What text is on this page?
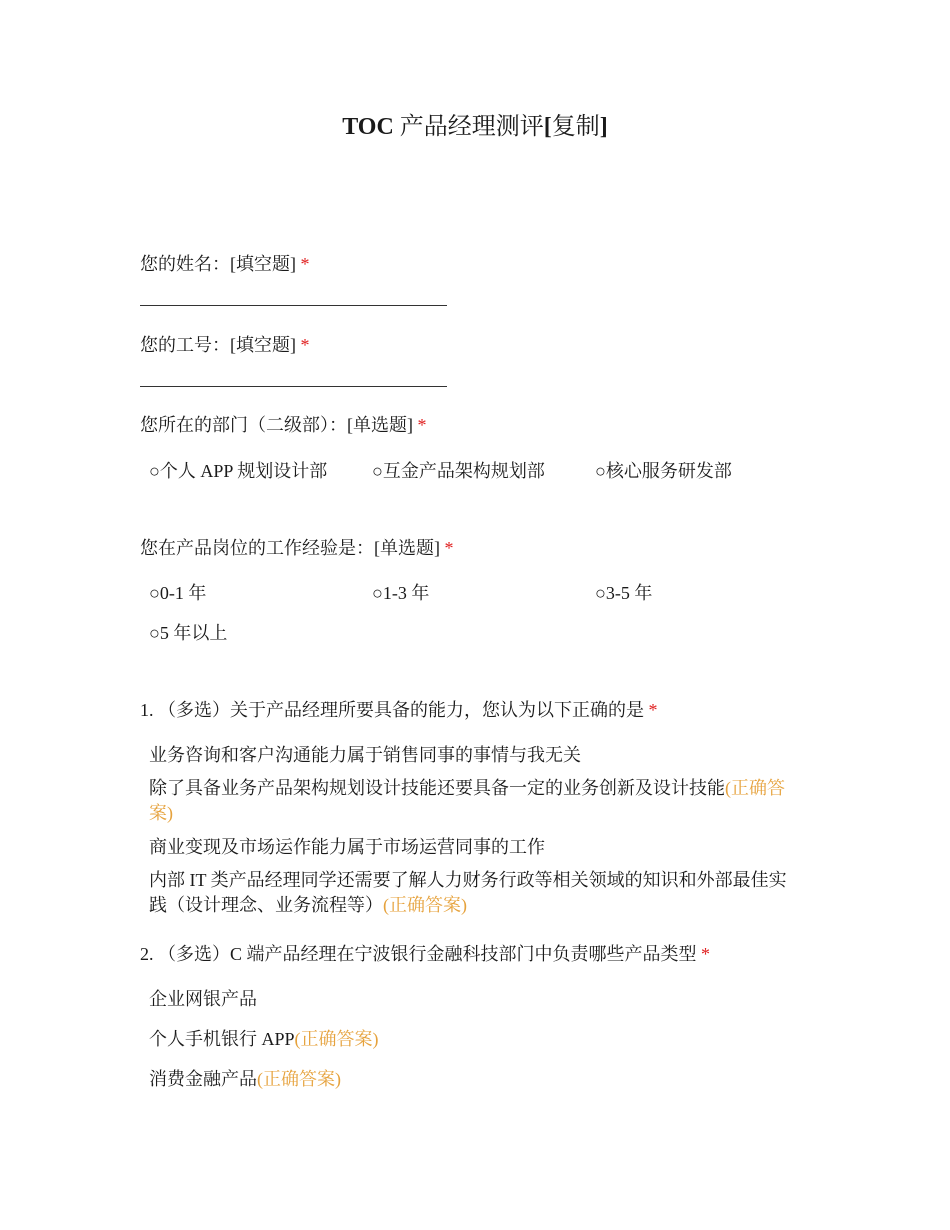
TOC 产品经理测评[复制]
您的姓名：[填空题] *
您的工号：[填空题] *
您所在的部门（二级部）：[单选题] *
○个人 APP 规划设计部 ○互金产品架构规划部	○核心服务研发部
您在产品岗位的工作经验是：[单选题] *
○0-1 年	○1-3 年	○3-5 年
○5 年以上
1. （多选）关于产品经理所要具备的能力，您认为以下正确的是 *
业务咨询和客户沟通能力属于销售同事的事情与我无关
除了具备业务产品架构规划设计技能还要具备一定的业务创新及设计技能(正确答案)
商业变现及市场运作能力属于市场运营同事的工作
内部 IT 类产品经理同学还需要了解人力财务行政等相关领域的知识和外部最佳实践（设计理念、业务流程等）(正确答案)
2. （多选）C 端产品经理在宁波银行金融科技部门中负责哪些产品类型 *
企业网银产品
个人手机银行 APP(正确答案)
消费金融产品(正确答案)
